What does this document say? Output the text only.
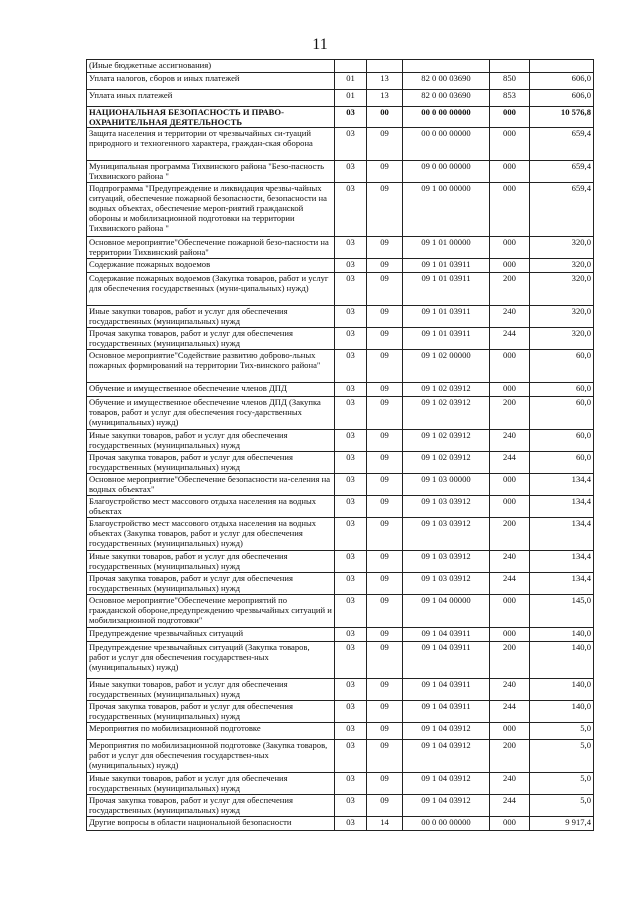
11
(Иные бюджетные ассигнования)					
Уплата налогов, сборов и иных платежей	01	13	82 0 00 03690	850	606,0
Уплата иных платежей	01	13	82 0 00 03690	853	606,0
НАЦИОНАЛЬНАЯ БЕЗОПАСНОСТЬ И ПРАВО-ОХРАНИТЕЛЬНАЯ ДЕЯТЕЛЬНОСТЬ	03	00	00 0 00 00000	000	10 576,8
Защита населения и территории от чрезвычайных си-туаций природного и техногенного характера, граждан-ская оборона	03	09	00 0 00 00000	000	659,4
Муниципальная программа Тихвинского района "Безо-пасность Тихвинского района "	03	09	09 0 00 00000	000	659,4
Подпрограмма "Предупреждение и ликвидация чрезвы-чайных ситуаций, обеспечение пожарной безопасности, безопасности на водных объектах, обеспечение мероп-риятий гражданской обороны и мобилизационной подготовки на территории Тихвинского района "	03	09	09 1 00 00000	000	659,4
Основное мероприятие"Обеспечение пожарной безо-пасности на территории Тихвинский района"	03	09	09 1 01 00000	000	320,0
Содержание пожарных водоемов	03	09	09 1 01 03911	000	320,0
Содержание пожарных водоемов (Закупка товаров, работ и услуг для обеспечения государственных (муни-ципальных) нужд)	03	09	09 1 01 03911	200	320,0
Иные закупки товаров, работ и услуг для обеспечения государственных (муниципальных) нужд	03	09	09 1 01 03911	240	320,0
Прочая закупка товаров, работ и услуг для обеспечения государственных (муниципальных) нужд	03	09	09 1 01 03911	244	320,0
Основное мероприятие"Содействие развитию доброво-льных пожарных формирований на территории Тих-винского района"	03	09	09 1 02 00000	000	60,0
Обучение и имущественное обеспечение членов ДПД	03	09	09 1 02 03912	000	60,0
Обучение и имущественное обеспечение членов ДПД (Закупка товаров, работ и услуг для обеспечения госу-дарственных (муниципальных) нужд)	03	09	09 1 02 03912	200	60,0
Иные закупки товаров, работ и услуг для обеспечения государственных (муниципальных) нужд	03	09	09 1 02 03912	240	60,0
Прочая закупка товаров, работ и услуг для обеспечения государственных (муниципальных) нужд	03	09	09 1 02 03912	244	60,0
Основное мероприятие"Обеспечение безопасности на-селения на водных объектах"	03	09	09 1 03 00000	000	134,4
Благоустройство мест массового отдыха населения на водных объектах	03	09	09 1 03 03912	000	134,4
Благоустройство мест массового отдыха населения на водных объектах (Закупка товаров, работ и услуг для обеспечения государственных (муниципальных) нужд)	03	09	09 1 03 03912	200	134,4
Иные закупки товаров, работ и услуг для обеспечения государственных (муниципальных) нужд	03	09	09 1 03 03912	240	134,4
Прочая закупка товаров, работ и услуг для обеспечения государственных (муниципальных) нужд	03	09	09 1 03 03912	244	134,4
Основное мероприятие"Обеспечение мероприятий по гражданской обороне,предупреждению чрезвычайных ситуаций и мобилизационной подготовки"	03	09	09 1 04 00000	000	145,0
Предупреждение чрезвычайных ситуаций	03	09	09 1 04 03911	000	140,0
Предупреждение чрезвычайных ситуаций (Закупка товаров, работ и услуг для обеспечения государствен-ных (муниципальных) нужд)	03	09	09 1 04 03911	200	140,0
Иные закупки товаров, работ и услуг для обеспечения государственных (муниципальных) нужд	03	09	09 1 04 03911	240	140,0
Прочая закупка товаров, работ и услуг для обеспечения государственных (муниципальных) нужд	03	09	09 1 04 03911	244	140,0
Мероприятия по мобилизационной подготовке	03	09	09 1 04 03912	000	5,0
Мероприятия по мобилизационной подготовке (Закупка товаров, работ и услуг для обеспечения государствен-ных (муниципальных) нужд)	03	09	09 1 04 03912	200	5,0
Иные закупки товаров, работ и услуг для обеспечения государственных (муниципальных) нужд	03	09	09 1 04 03912	240	5,0
Прочая закупка товаров, работ и услуг для обеспечения государственных (муниципальных) нужд	03	09	09 1 04 03912	244	5,0
Другие вопросы в области национальной безопасности	03	14	00 0 00 00000	000	9 917,4
